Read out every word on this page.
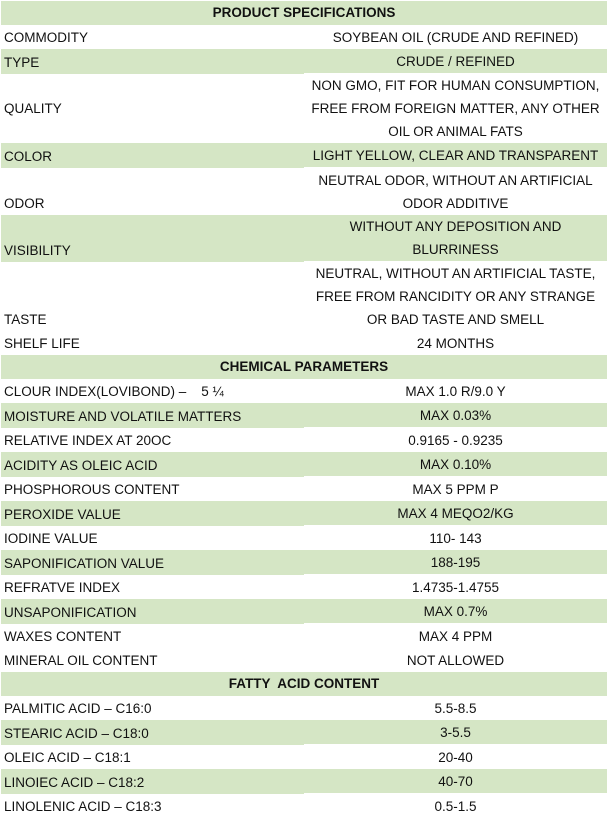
PRODUCT SPECIFICATIONS	
COMMODITY	SOYBEAN OIL (CRUDE AND REFINED)
TYPE	CRUDE / REFINED
QUALITY	NON GMO, FIT FOR HUMAN CONSUMPTION, FREE FROM FOREIGN MATTER, ANY OTHER OIL OR ANIMAL FATS
COLOR	LIGHT YELLOW, CLEAR AND TRANSPARENT
ODOR	NEUTRAL ODOR, WITHOUT AN ARTIFICIAL ODOR ADDITIVE
VISIBILITY	WITHOUT ANY DEPOSITION AND BLURRINESS
TASTE	NEUTRAL, WITHOUT AN ARTIFICIAL TASTE, FREE FROM RANCIDITY OR ANY STRANGE OR BAD TASTE AND SMELL
SHELF LIFE	24 MONTHS
CHEMICAL PARAMETERS	
CLOUR INDEX(LOVIBOND) –    5 ¼	MAX 1.0 R/9.0 Y
MOISTURE AND VOLATILE MATTERS	MAX 0.03%
RELATIVE INDEX AT 20OC	0.9165 - 0.9235
ACIDITY AS OLEIC ACID	MAX 0.10%
PHOSPHOROUS CONTENT	MAX 5 PPM P
PEROXIDE VALUE	MAX 4 MEQO2/KG
IODINE VALUE	110- 143
SAPONIFICATION VALUE	188-195
REFRATVE INDEX	1.4735-1.4755
UNSAPONIFICATION	MAX 0.7%
WAXES CONTENT	MAX 4 PPM
MINERAL OIL CONTENT	NOT ALLOWED
FATTY  ACID CONTENT	
PALMITIC ACID – C16:0	5.5-8.5
STEARIC ACID – C18:0	3-5.5
OLEIC ACID – C18:1	20-40
LINOIEC ACID – C18:2	40-70
LINOLENIC ACID – C18:3	0.5-1.5
